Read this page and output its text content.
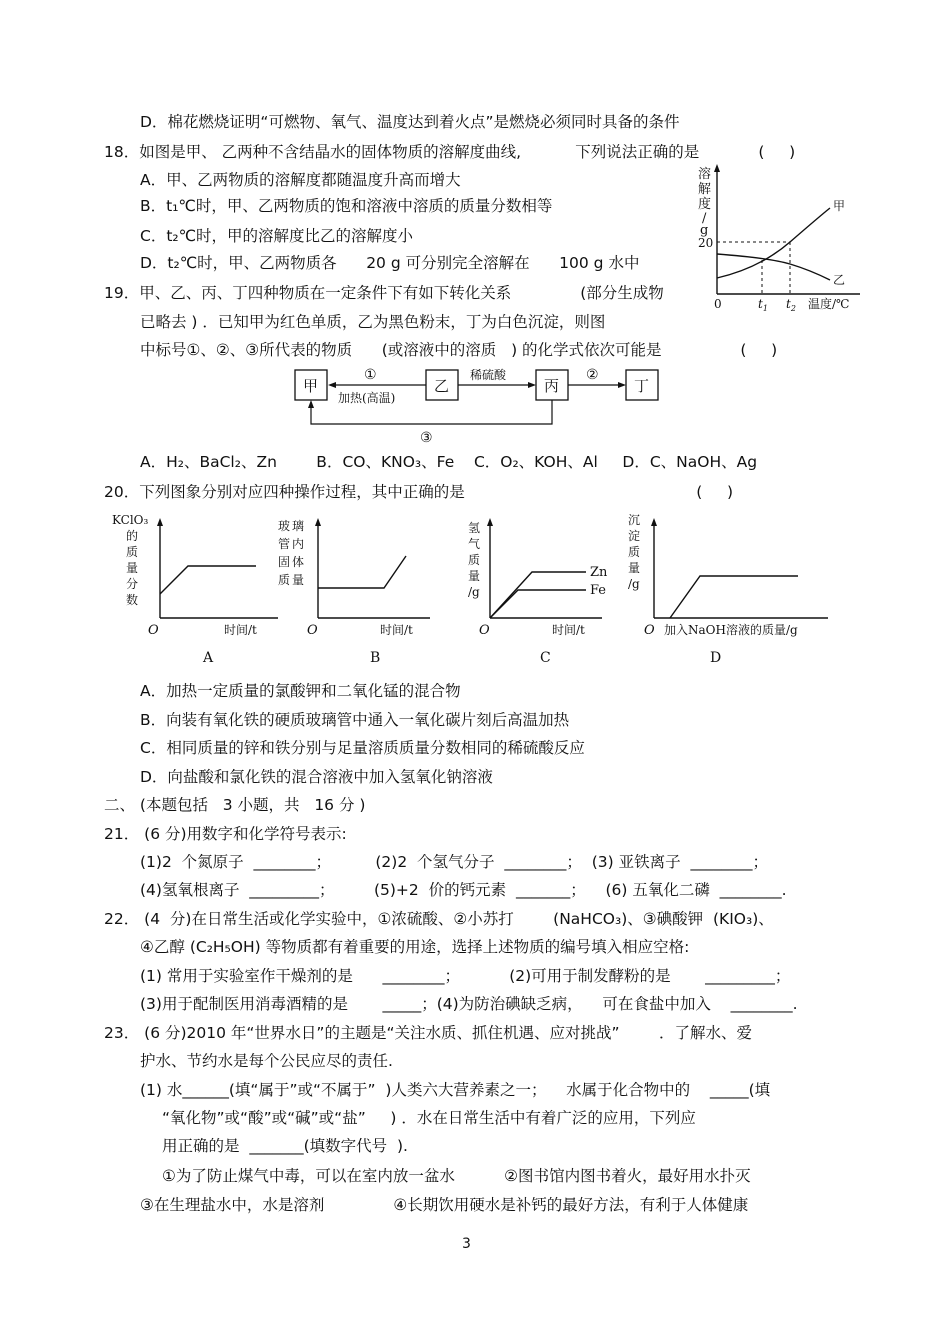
D．棉花燃烧证明“可燃物、氧气、温度达到着火点”是燃烧必须同时具备的条件
18．如图是甲、 乙两种不含结晶水的固体物质的溶解度曲线,           下列说法正确的是            (     )
A．甲、乙两物质的溶解度都随温度升高而增大
B．t₁℃时，甲、乙两物质的饱和溶液中溶质的质量分数相等
C．t₂℃时，甲的溶解度比乙的溶解度小
D．t₂℃时，甲、乙两物质各      20 g 可分别完全溶解在      100 g 水中
19．甲、乙、丙、丁四种物质在一定条件下有如下转化关系              (部分生成物
已略去 ) ．已知甲为红色单质，乙为黑色粉末，丁为白色沉淀，则图
中标号①、②、③所代表的物质      (或溶液中的溶质   ) 的化学式依次可能是                (     )
A．H₂、BaCl₂、Zn        B．CO、KNO₃、Fe    C．O₂、KOH、Al     D．C、NaOH、Ag
20．下列图象分别对应四种操作过程，其中正确的是                                               (     )
A．加热一定质量的氯酸钾和二氧化锰的混合物
B．向装有氧化铁的硬质玻璃管中通入一氧化碳片刻后高温加热
C．相同质量的锌和铁分别与足量溶质质量分数相同的稀硫酸反应
D．向盐酸和氯化铁的混合溶液中加入氢氧化钠溶液
二、 (本题包括   3 小题，共   16 分 )
21． (6 分)用数字和化学符号表示:
(1)2  个氮原子  ________；         (2)2  个氢气分子  ________；  (3) 亚铁离子  ________；
(4)氢氧根离子  _________；        (5)+2  价的钙元素  _______；    (6) 五氧化二磷  ________.
22． (4  分)在日常生活或化学实验中，①浓硫酸、②小苏打        (NaHCO₃)、③碘酸钾  (KIO₃)、
④乙醇 (C₂H₅OH) 等物质都有着重要的用途，选择上述物质的编号填入相应空格:
(1) 常用于实验室作干燥剂的是      ________；          (2)可用于制发酵粉的是       _________；
(3)用于配制医用消毒酒精的是       _____；(4)为防治碘缺乏病，    可在食盐中加入    ________.
23． (6 分)2010 年“世界水日”的主题是“关注水质、抓住机遇、应对挑战”        ．了解水、爱
护水、节约水是每个公民应尽的责任.
(1) 水______(填“属于”或“不属于”  )人类六大营养素之一；    水属于化合物中的    _____(填
“氧化物”或“酸”或“碱”或“盐”     ) ．水在日常生活中有着广泛的应用，下列应
用正确的是  _______(填数字代号  ).
①为了防止煤气中毒，可以在室内放一盆水          ②图书馆内图书着火，最好用水扑灭
③在生理盐水中，水是溶剂              ④长期饮用硬水是补钙的最好方法，有利于人体健康
3
溶
解
度
/
g
20
甲
乙
0	$t_1$ $t_2$ 温度/℃
甲	乙	丙	丁
①
加热(高温)
稀硫酸	②
③
KClO₃
的
质
量
分
数
O	时间/t
A
玻 璃
管 内
固 体
质 量
O	时间/t
B
氢
气
质
量
/g
Zn
Fe
O	时间/t
C
沉
淀
质
量
/g
O 加入NaOH溶液的质量/g
D
